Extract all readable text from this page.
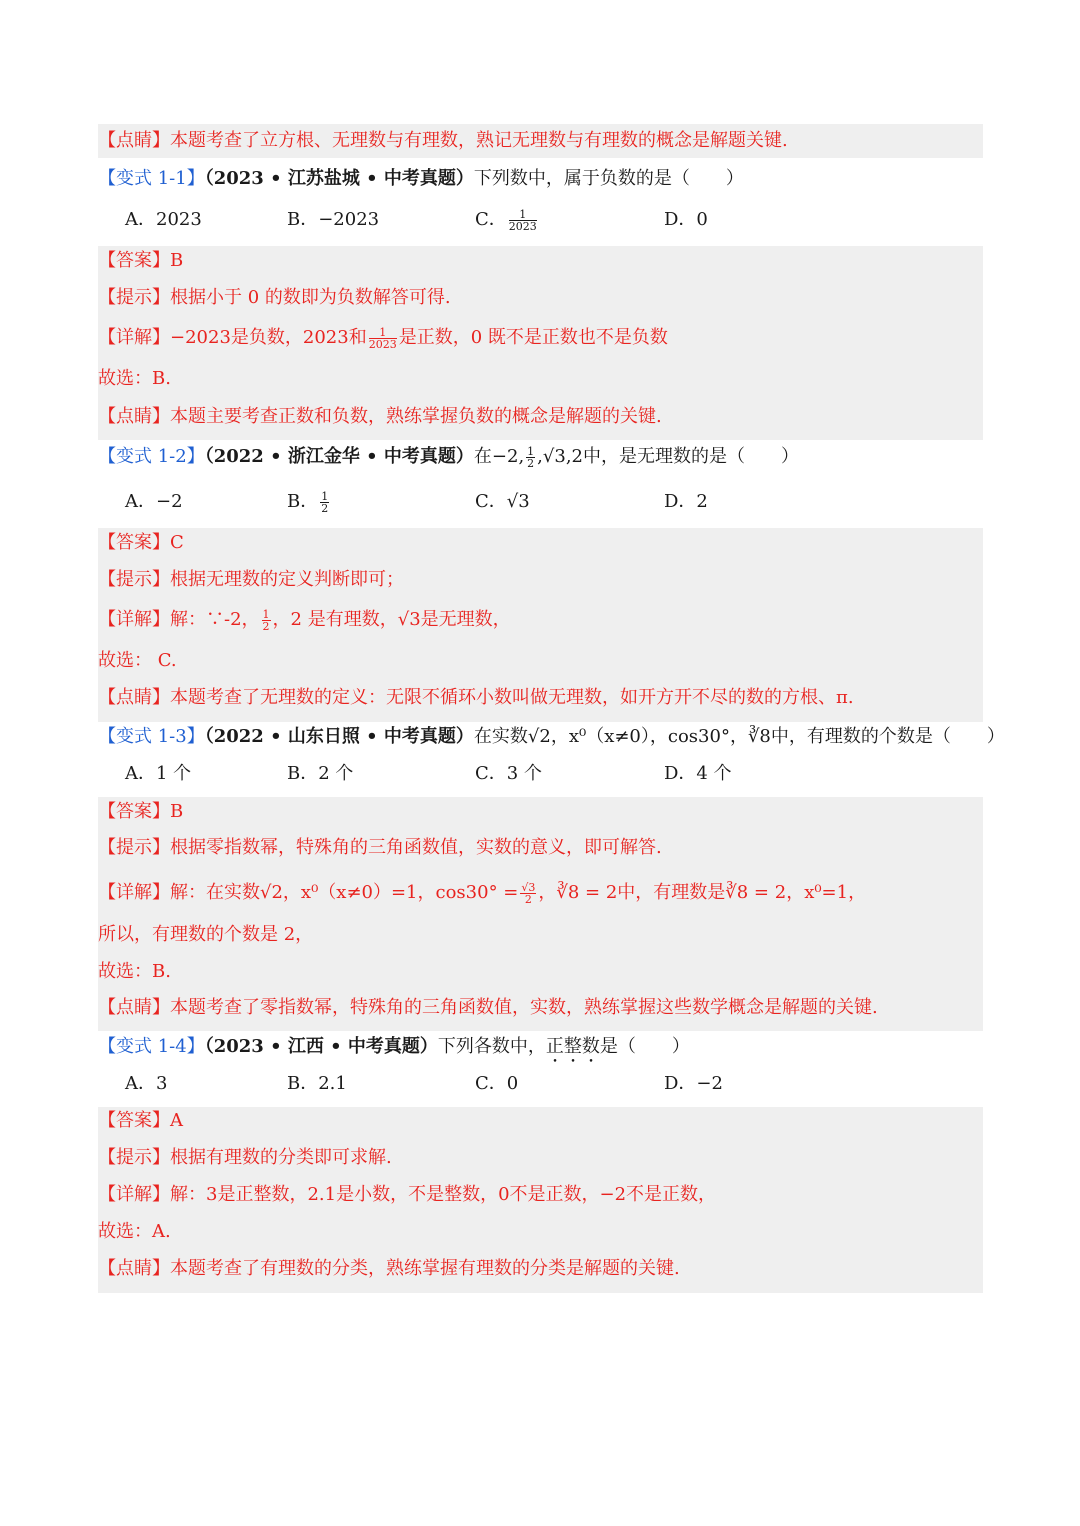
【点睛】本题考查了立方根、无理数与有理数，熟记无理数与有理数的概念是解题关键.
【变式 1-1】（2023 • 江苏盐城 • 中考真题）下列数中，属于负数的是（　　）
A．2023	B．−2023	C． $\frac{1}{2023}$	D．0
【答案】B
【提示】根据小于 0 的数即为负数解答可得.
【详解】−2023是负数，2023和 $\frac{1}{2023}$ 是正数，0 既不是正数也不是负数
故选：B.
【点睛】本题主要考查正数和负数，熟练掌握负数的概念是解题的关键.
【变式 1-2】（2022 • 浙江金华 • 中考真题）在−2, $\frac{1}{2} ,√3,2$中，是无理数的是（　　）
A．−2	B． $\frac{1}{2}$	C．√3	D．2
【答案】C
【提示】根据无理数的定义判断即可；
【详解】解：∵-2， $\frac{1}{2}$ ，2 是有理数，√3是无理数，
故选： C.
【点睛】本题考查了无理数的定义：无限不循环小数叫做无理数，如开方开不尽的数的方根、π.
【变式 1-3】（2022 • 山东日照 • 中考真题）在实数√2，x⁰（x≠0），cos30°，∛8中，有理数的个数是（　　）
A．1 个	B．2 个	C．3 个	D．4 个
【答案】B
【提示】根据零指数幂，特殊角的三角函数值，实数的意义，即可解答.
【详解】解：在实数√2，x⁰（x≠0）=1，$\cos 30^\circ = \frac{√3}{2}$ ，∛8 = 2中，有理数是∛8 = 2，x⁰=1，
所以，有理数的个数是 2，
故选：B.
【点睛】本题考查了零指数幂，特殊角的三角函数值，实数，熟练掌握这些数学概念是解题的关键.
【变式 1-4】（2023 • 江西 • 中考真题）下列各数中，正整数是（　　）
A．3	B．2.1	C．0	D．−2
【答案】A
【提示】根据有理数的分类即可求解.
【详解】解：3是正整数，2.1是小数，不是整数，0不是正数，−2不是正数，
故选：A.
【点睛】本题考查了有理数的分类，熟练掌握有理数的分类是解题的关键.
